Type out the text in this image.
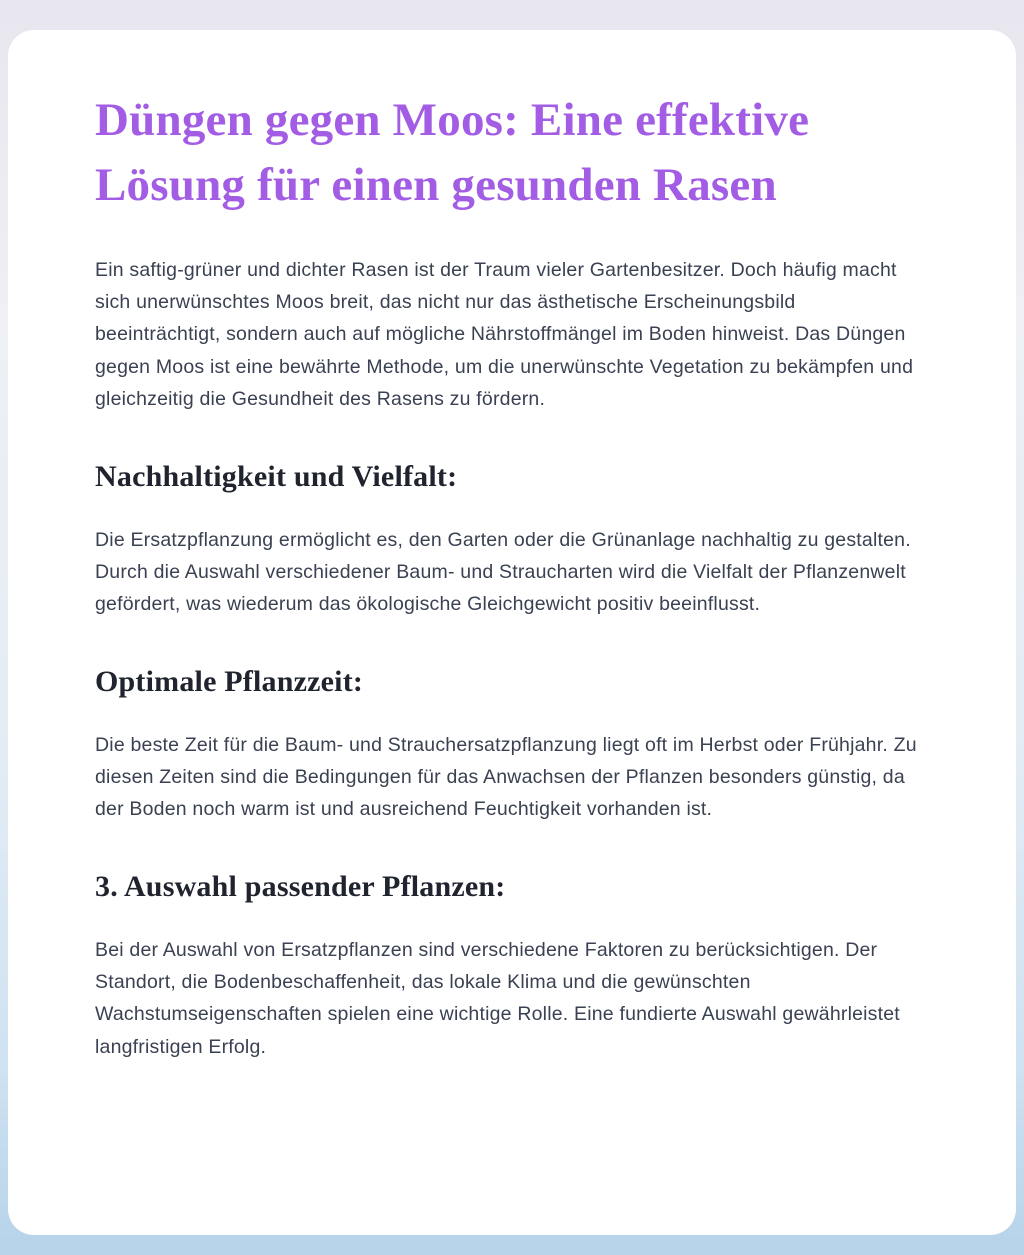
Düngen gegen Moos: Eine effektive Lösung für einen gesunden Rasen

Ein saftig-grüner und dichter Rasen ist der Traum vieler Gartenbesitzer. Doch häufig macht sich unerwünschtes Moos breit, das nicht nur das ästhetische Erscheinungsbild beeinträchtigt, sondern auch auf mögliche Nährstoffmängel im Boden hinweist. Das Düngen gegen Moos ist eine bewährte Methode, um die unerwünschte Vegetation zu bekämpfen und gleichzeitig die Gesundheit des Rasens zu fördern.

Nachhaltigkeit und Vielfalt:

Die Ersatzpflanzung ermöglicht es, den Garten oder die Grünanlage nachhaltig zu gestalten. Durch die Auswahl verschiedener Baum- und Straucharten wird die Vielfalt der Pflanzenwelt gefördert, was wiederum das ökologische Gleichgewicht positiv beeinflusst.

Optimale Pflanzzeit:

Die beste Zeit für die Baum- und Strauchersatzpflanzung liegt oft im Herbst oder Frühjahr. Zu diesen Zeiten sind die Bedingungen für das Anwachsen der Pflanzen besonders günstig, da der Boden noch warm ist und ausreichend Feuchtigkeit vorhanden ist.

3. Auswahl passender Pflanzen:

Bei der Auswahl von Ersatzpflanzen sind verschiedene Faktoren zu berücksichtigen. Der Standort, die Bodenbeschaffenheit, das lokale Klima und die gewünschten Wachstumseigenschaften spielen eine wichtige Rolle. Eine fundierte Auswahl gewährleistet langfristigen Erfolg.
